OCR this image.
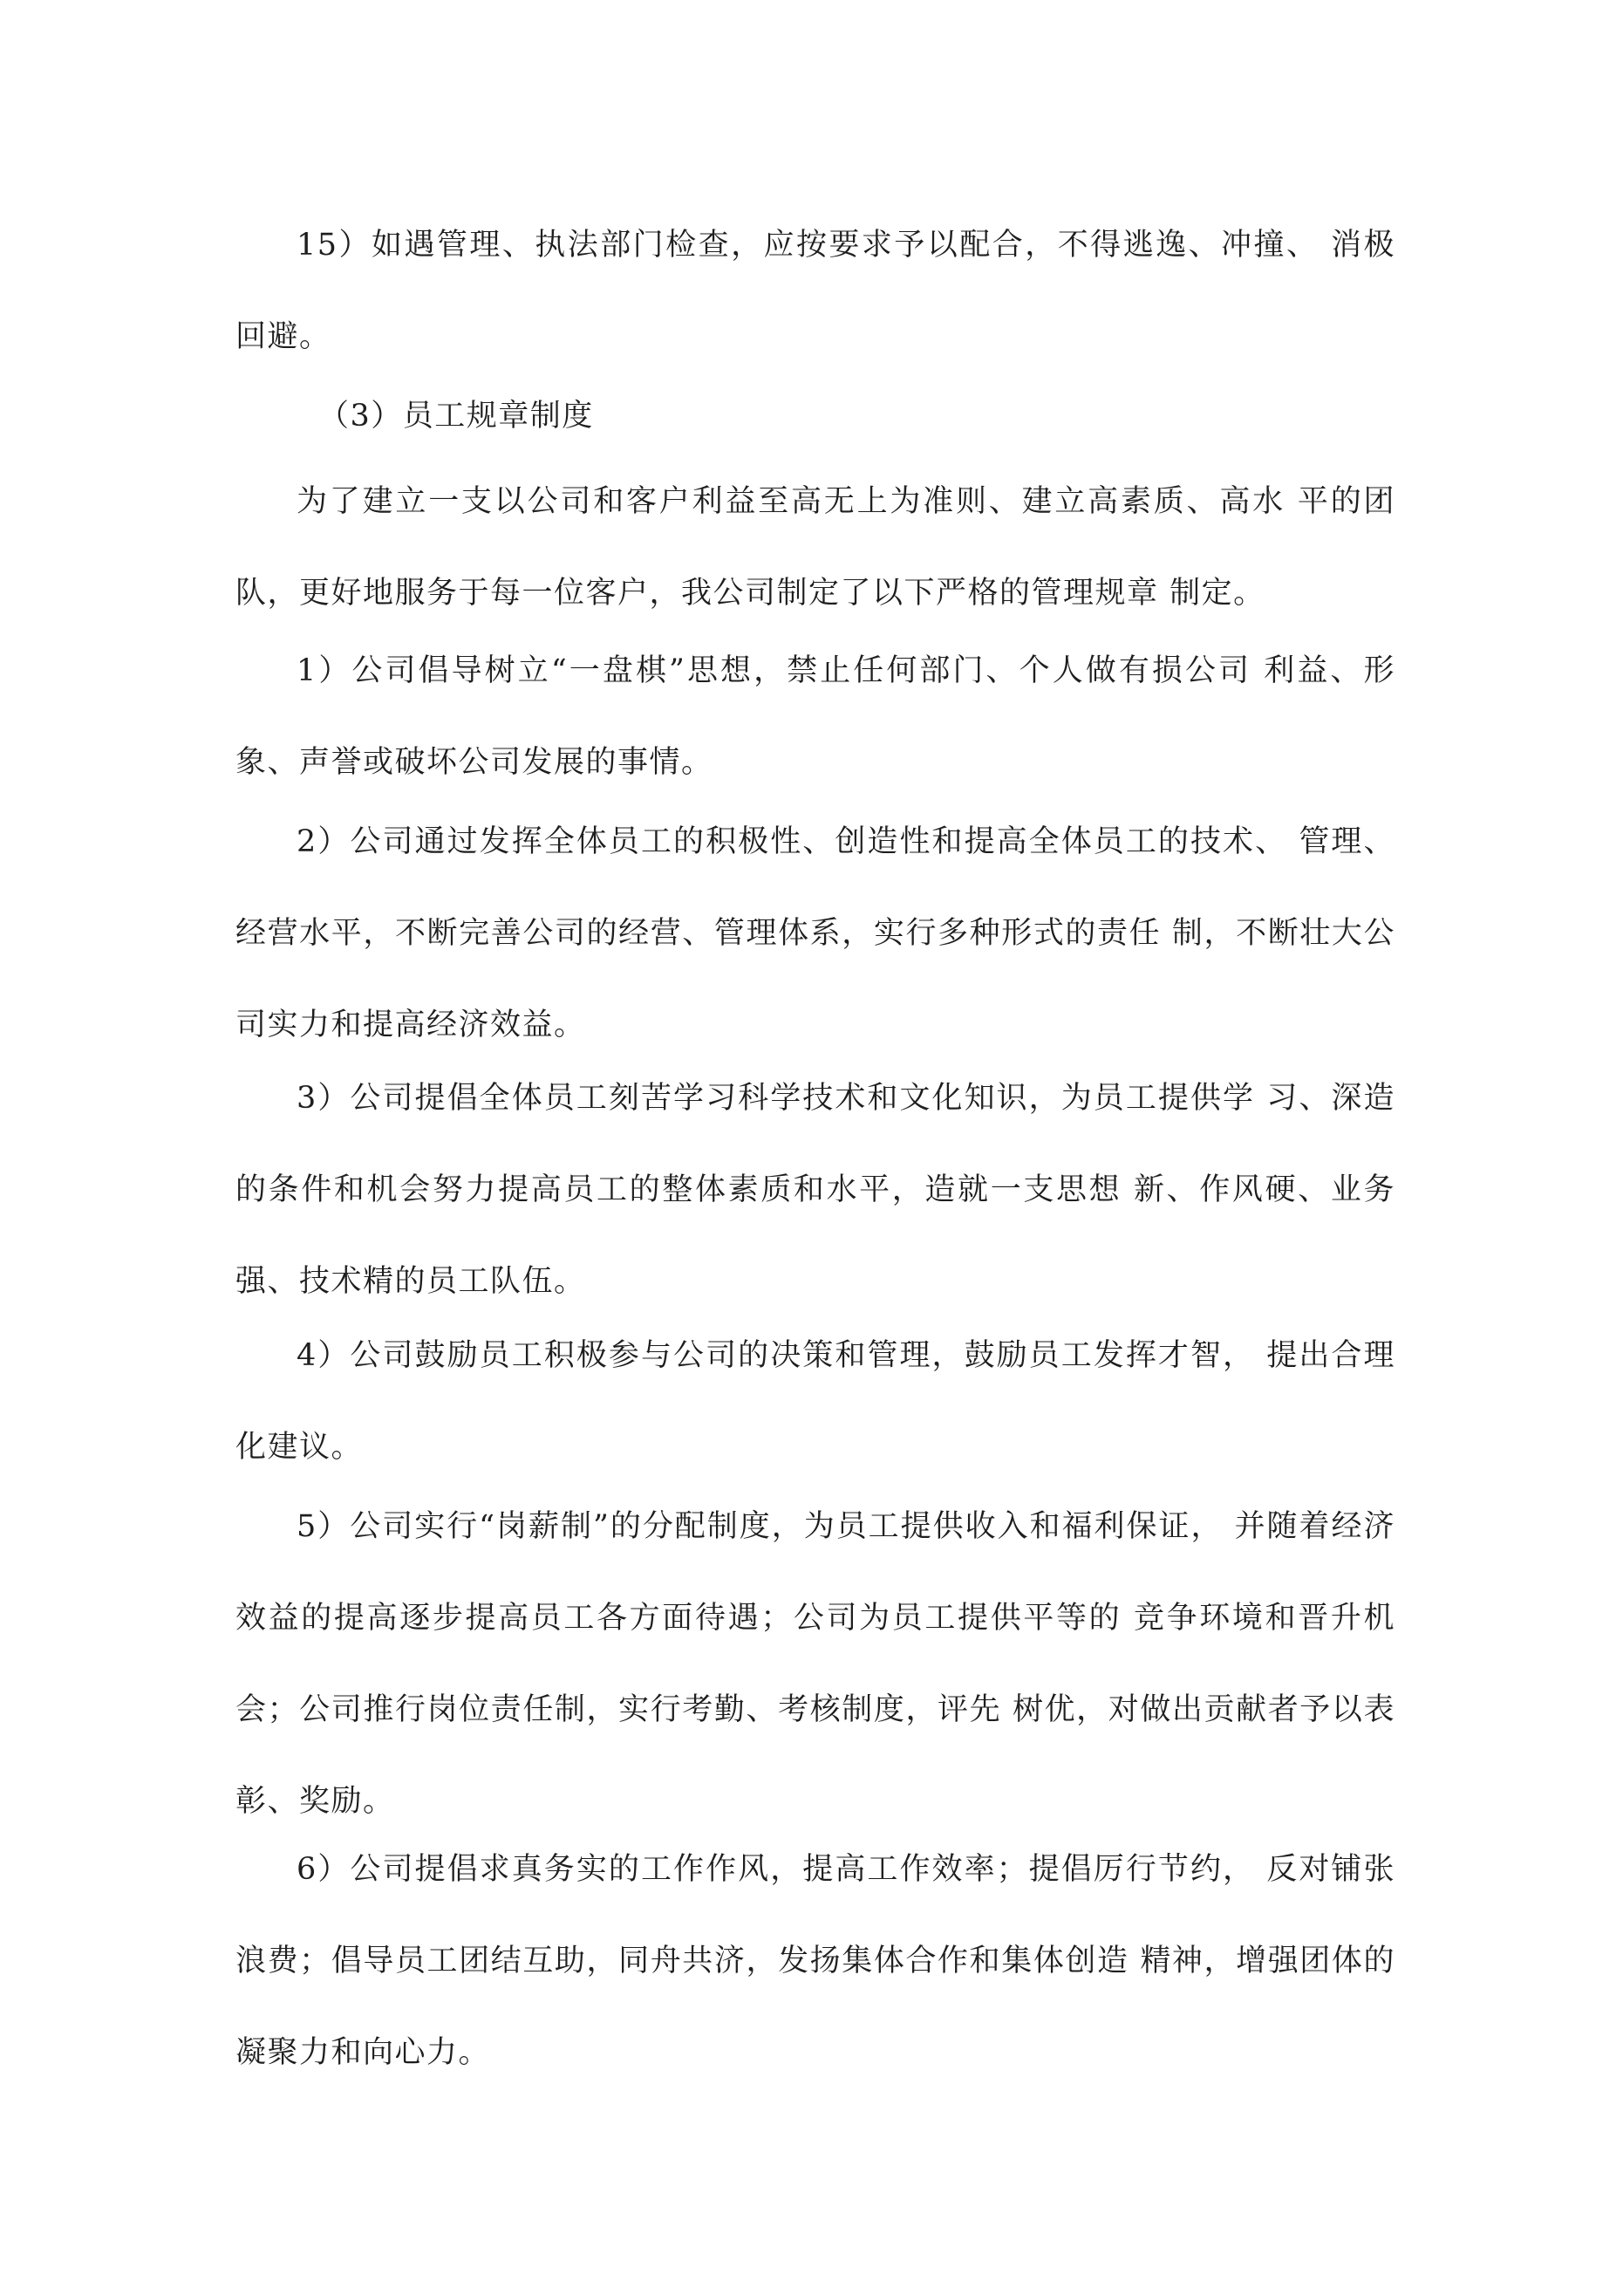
15）如遇管理、执法部门检查，应按要求予以配合，不得逃逸、冲撞、 消极回避。

（3）员工规章制度

为了建立一支以公司和客户利益至高无上为准则、建立高素质、高水 平的团队，更好地服务于每一位客户，我公司制定了以下严格的管理规章 制定。

1）公司倡导树立“一盘棋”思想，禁止任何部门、个人做有损公司 利益、形象、声誉或破坏公司发展的事情。

2）公司通过发挥全体员工的积极性、创造性和提高全体员工的技术、 管理、经营水平，不断完善公司的经营、管理体系，实行多种形式的责任 制，不断壮大公司实力和提高经济效益。

3）公司提倡全体员工刻苦学习科学技术和文化知识，为员工提供学 习、深造的条件和机会努力提高员工的整体素质和水平，造就一支思想 新、作风硬、业务强、技术精的员工队伍。

4）公司鼓励员工积极参与公司的决策和管理，鼓励员工发挥才智， 提出合理化建议。

5）公司实行“岗薪制”的分配制度，为员工提供收入和福利保证， 并随着经济效益的提高逐步提高员工各方面待遇；公司为员工提供平等的 竞争环境和晋升机会；公司推行岗位责任制，实行考勤、考核制度，评先 树优，对做出贡献者予以表彰、奖励。

6）公司提倡求真务实的工作作风，提高工作效率；提倡厉行节约， 反对铺张浪费；倡导员工团结互助，同舟共济，发扬集体合作和集体创造 精神，增强团体的凝聚力和向心力。
